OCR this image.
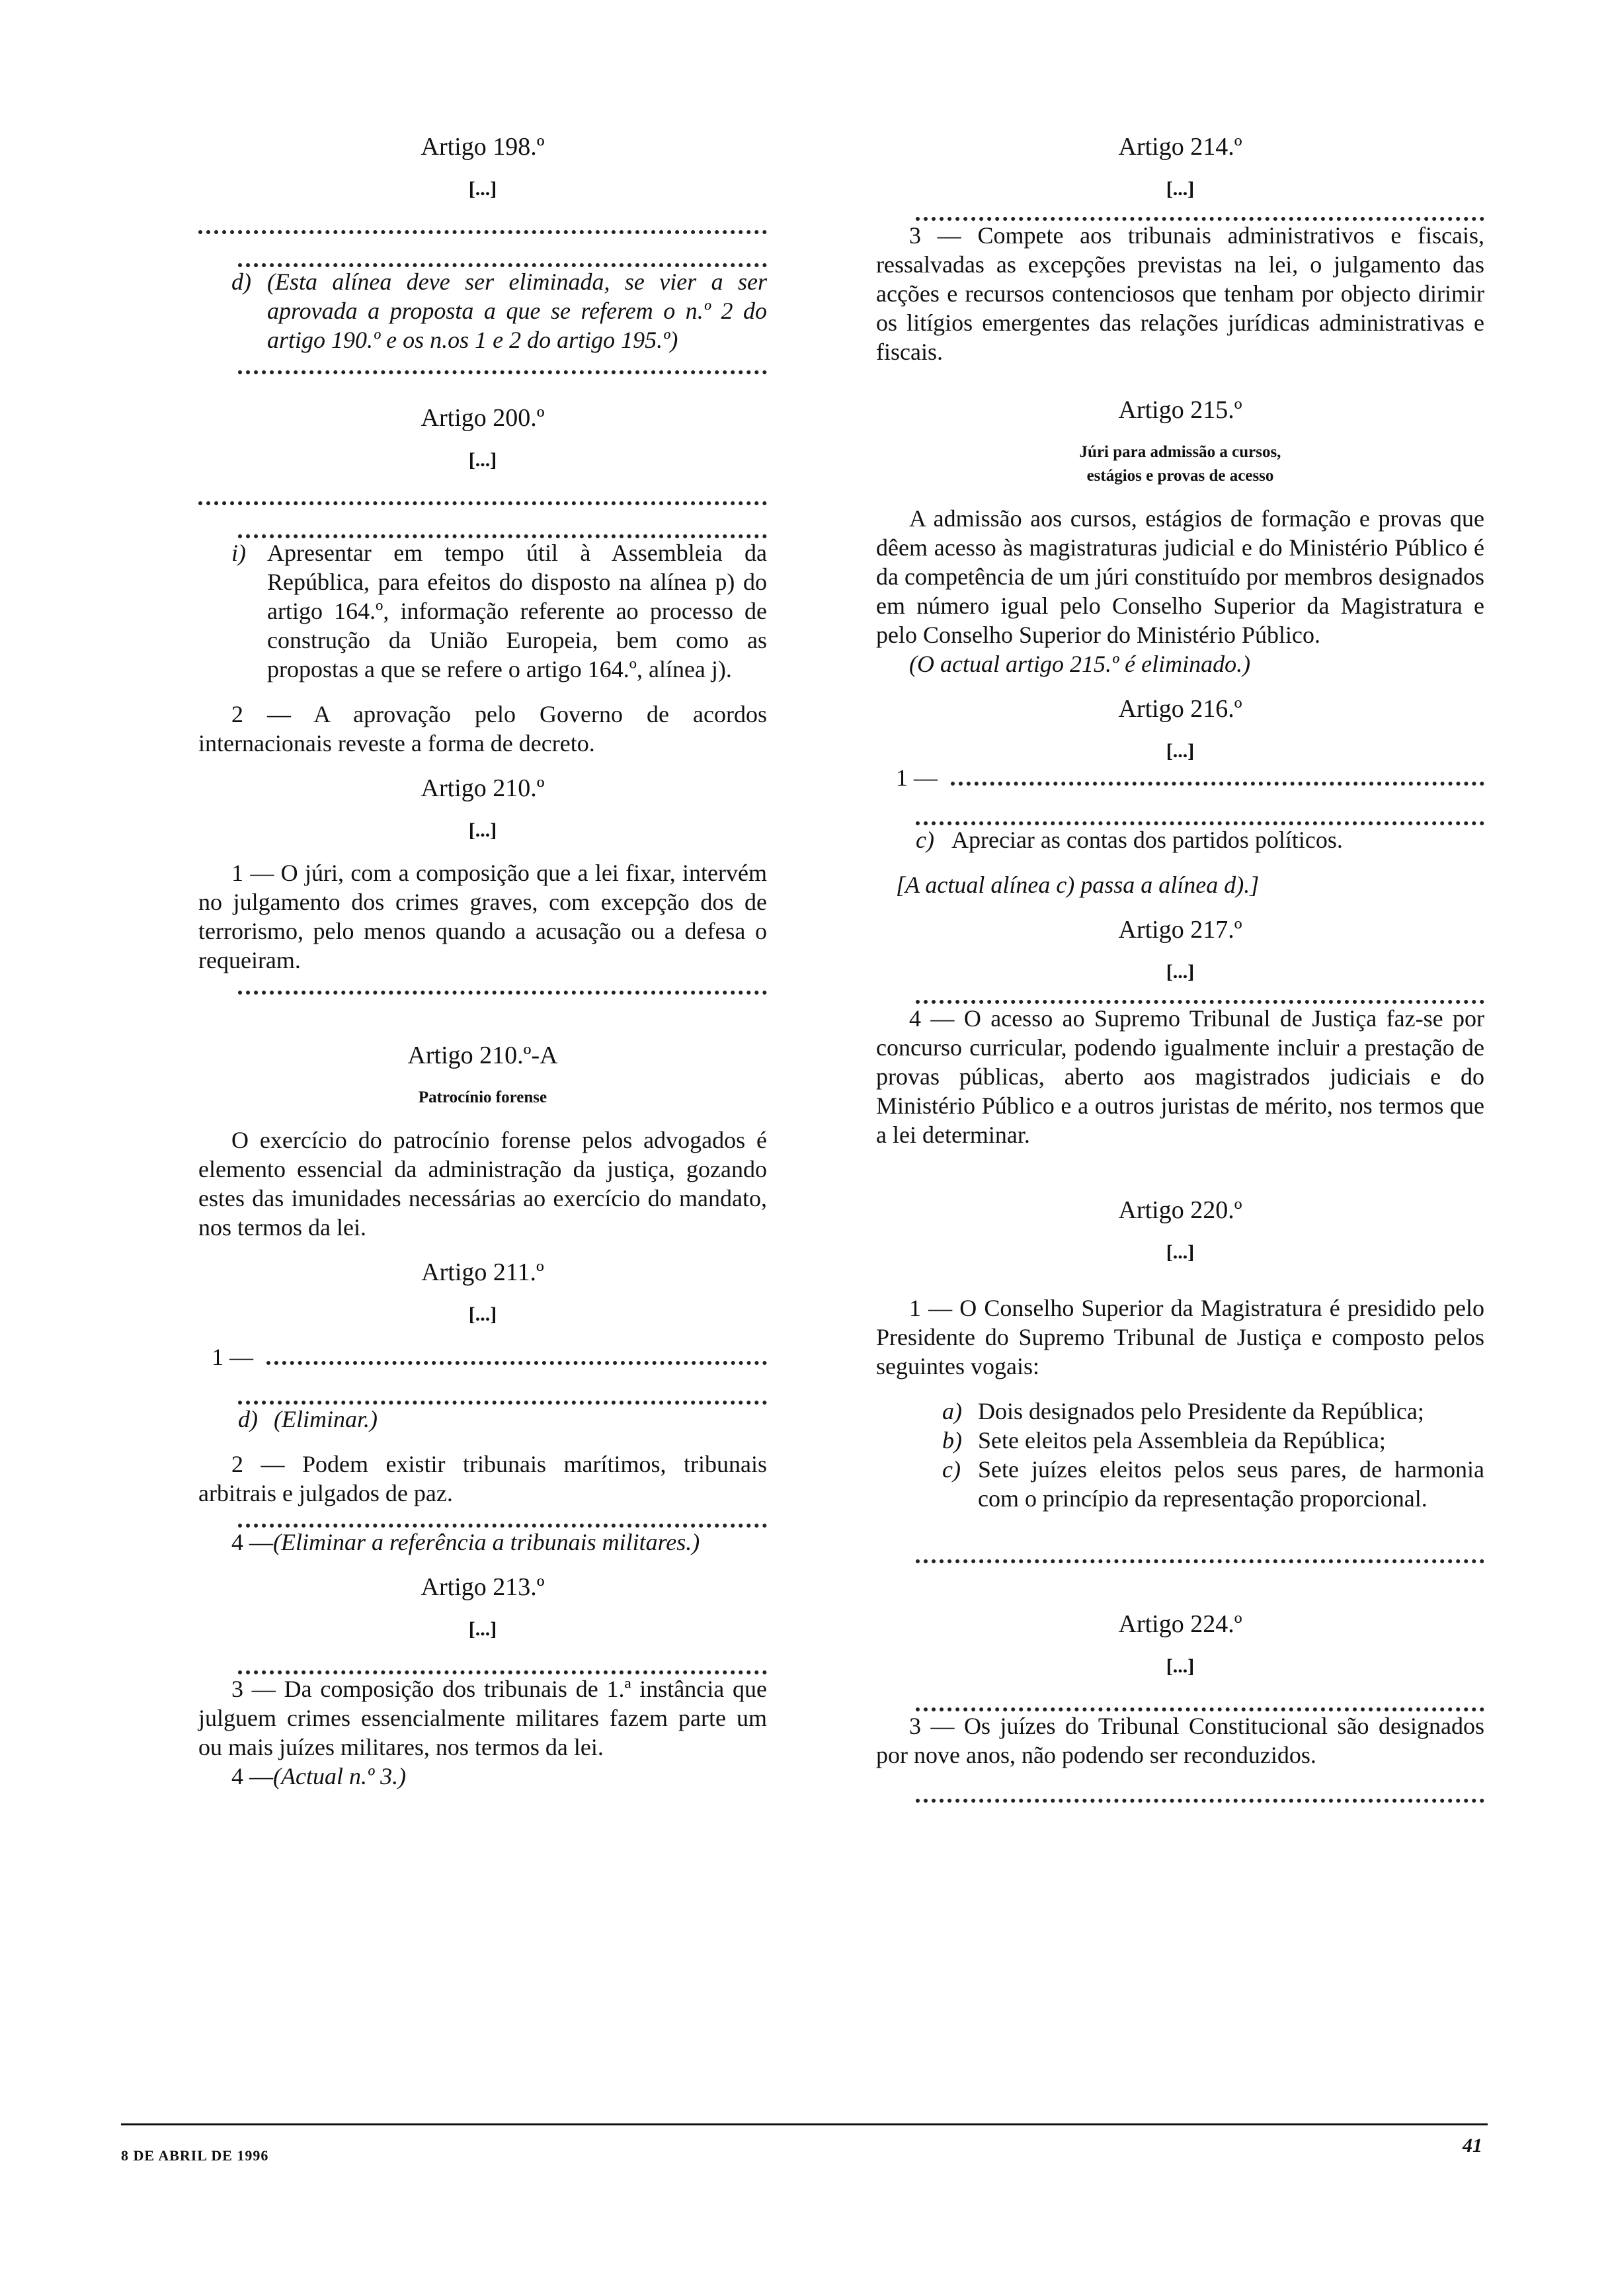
Artigo 198.º

[...]

d) (Esta alínea deve ser eliminada, se vier a ser aprovada a proposta a que se referem o n.º 2 do artigo 190.º e os n.os 1 e 2 do artigo 195.º)

Artigo 200.º

[...]

i) Apresentar em tempo útil à Assembleia da República, para efeitos do disposto na alínea p) do artigo 164.º, informação referente ao processo de construção da União Europeia, bem como as propostas a que se refere o artigo 164.º, alínea j).

2 — A aprovação pelo Governo de acordos internacionais reveste a forma de decreto.

Artigo 210.º

[...]

1 — O júri, com a composição que a lei fixar, intervém no julgamento dos crimes graves, com excepção dos de terrorismo, pelo menos quando a acusação ou a defesa o requeiram.

Artigo 210.º-A

Patrocínio forense

O exercício do patrocínio forense pelos advogados é elemento essencial da administração da justiça, gozando estes das imunidades necessárias ao exercício do mandato, nos termos da lei.

Artigo 211.º

[...]

1 —
d) (Eliminar.)

2 — Podem existir tribunais marítimos, tribunais arbitrais e julgados de paz.

4 —(Eliminar a referência a tribunais militares.)

Artigo 213.º

[...]

3 — Da composição dos tribunais de 1.ª instância que julguem crimes essencialmente militares fazem parte um ou mais juízes militares, nos termos da lei.

4 —(Actual n.º 3.)

Artigo 214.º

[...]

3 — Compete aos tribunais administrativos e fiscais, ressalvadas as excepções previstas na lei, o julgamento das acções e recursos contenciosos que tenham por objecto dirimir os litígios emergentes das relações jurídicas administrativas e fiscais.

Artigo 215.º

Júri para admissão a cursos,

estágios e provas de acesso

A admissão aos cursos, estágios de formação e provas que dêem acesso às magistraturas judicial e do Ministério Público é da competência de um júri constituído por membros designados em número igual pelo Conselho Superior da Magistratura e pelo Conselho Superior do Ministério Público.

(O actual artigo 215.º é eliminado.)

Artigo 216.º

[...]

1 —
c) Apreciar as contas dos partidos políticos.

[A actual alínea c) passa a alínea d).]

Artigo 217.º

[...]

4 — O acesso ao Supremo Tribunal de Justiça faz-se por concurso curricular, podendo igualmente incluir a prestação de provas públicas, aberto aos magistrados judiciais e do Ministério Público e a outros juristas de mérito, nos termos que a lei determinar.

Artigo 220.º

[...]

1 — O Conselho Superior da Magistratura é presidido pelo Presidente do Supremo Tribunal de Justiça e composto pelos seguintes vogais:

a) Dois designados pelo Presidente da República;
b) Sete eleitos pela Assembleia da República;
c) Sete juízes eleitos pelos seus pares, de harmonia com o princípio da representação proporcional.

Artigo 224.º

[...]

3 — Os juízes do Tribunal Constitucional são designados por nove anos, não podendo ser reconduzidos.

8 DE ABRIL DE 1996	41
